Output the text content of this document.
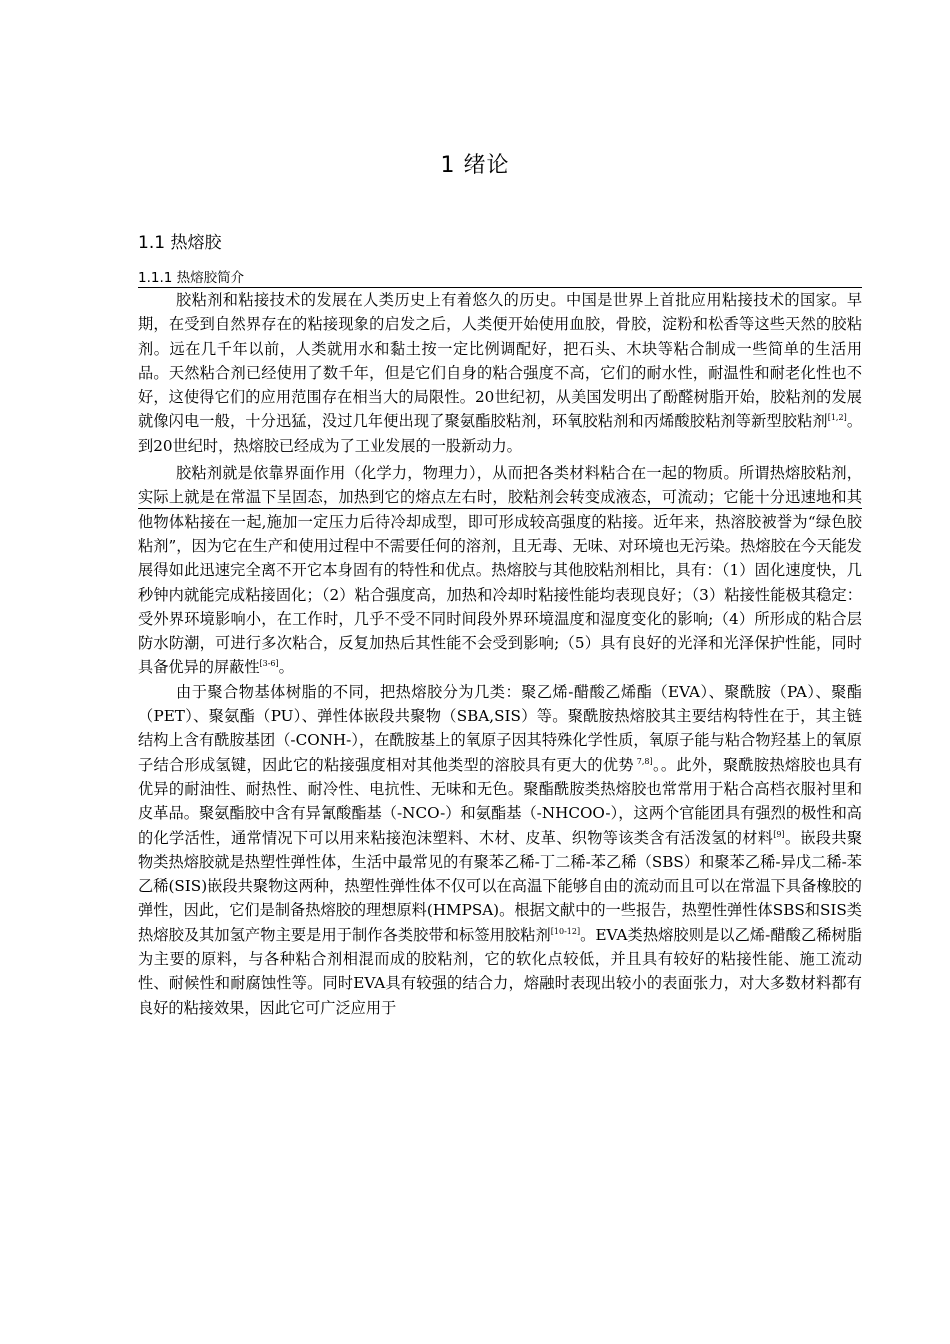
1 绪论
1.1 热熔胶
1.1.1 热熔胶简介

胶粘剂和粘接技术的发展在人类历史上有着悠久的历史。中国是世界上首批应用粘接技术的国家。早期，在受到自然界存在的粘接现象的启发之后，人类便开始使用血胶，骨胶，淀粉和松香等这些天然的胶粘剂。远在几千年以前，人类就用水和黏土按一定比例调配好，把石头、木块等粘合制成一些简单的生活用品。天然粘合剂已经使用了数千年，但是它们自身的粘合强度不高，它们的耐水性，耐温性和耐老化性也不好，这使得它们的应用范围存在相当大的局限性。20世纪初，从美国发明出了酚醛树脂开始，胶粘剂的发展就像闪电一般，十分迅猛，没过几年便出现了聚氨酯胶粘剂，环氧胶粘剂和丙烯酸胶粘剂等新型胶粘剂[1,2]。到20世纪时，热熔胶已经成为了工业发展的一股新动力。

胶粘剂就是依靠界面作用（化学力，物理力），从而把各类材料粘合在一起的物质。所谓热熔胶粘剂，实际上就是在常温下呈固态，加热到它的熔点左右时，胶粘剂会转变成液态，可流动；它能十分迅速地和其他物体粘接在一起,施加一定压力后待冷却成型，即可形成较高强度的粘接。近年来，热溶胶被誉为“绿色胶粘剂”，因为它在生产和使用过程中不需要任何的溶剂，且无毒、无味、对环境也无污染。热熔胶在今天能发展得如此迅速完全离不开它本身固有的特性和优点。热熔胶与其他胶粘剂相比，具有：（1）固化速度快，几秒钟内就能完成粘接固化；（2）粘合强度高，加热和冷却时粘接性能均表现良好；（3）粘接性能极其稳定：受外界环境影响小，在工作时，几乎不受不同时间段外界环境温度和湿度变化的影响;（4）所形成的粘合层防水防潮，可进行多次粘合，反复加热后其性能不会受到影响;（5）具有良好的光泽和光泽保护性能，同时具备优异的屏蔽性[3-6]。

由于聚合物基体树脂的不同，把热熔胶分为几类：聚乙烯-醋酸乙烯酯（EVA）、聚酰胺（PA）、聚酯（PET）、聚氨酯（PU）、弹性体嵌段共聚物（SBA,SIS）等。聚酰胺热熔胶其主要结构特性在于，其主链结构上含有酰胺基团（-CONH-），在酰胺基上的氧原子因其特殊化学性质，氧原子能与粘合物羟基上的氧原子结合形成氢键，因此它的粘接强度相对其他类型的溶胶具有更大的优势 $^{7,8]}$。。此外，聚酰胺热熔胶也具有优异的耐油性、耐热性、耐冷性、电抗性、无味和无色。聚酯酰胺类热熔胶也常常用于粘合高档衣服衬里和皮革品。聚氨酯胶中含有异氰酸酯基（-NCO-）和氨酯基（-NHCOO-），这两个官能团具有强烈的极性和高的化学活性，通常情况下可以用来粘接泡沫塑料、木材、皮革、织物等该类含有活泼氢的材料[9]。嵌段共聚物类热熔胶就是热塑性弹性体，生活中最常见的有聚苯乙稀-丁二稀-苯乙稀（SBS）和聚苯乙稀-异戊二稀-苯乙稀(SIS)嵌段共聚物这两种，热塑性弹性体不仅可以在高温下能够自由的流动而且可以在常温下具备橡胶的弹性，因此，它们是制备热熔胶的理想原料(HMPSA)。根据文献中的一些报告，热塑性弹性体SBS和SIS类热熔胶及其加氢产物主要是用于制作各类胶带和标签用胶粘剂[10-12]。EVA类热熔胶则是以乙烯-醋酸乙稀树脂为主要的原料，与各种粘合剂相混而成的胶粘剂，它的软化点较低，并且具有较好的粘接性能、施工流动性、耐候性和耐腐蚀性等。同时EVA具有较强的结合力，熔融时表现出较小的表面张力，对大多数材料都有良好的粘接效果，因此它可广泛应用于
